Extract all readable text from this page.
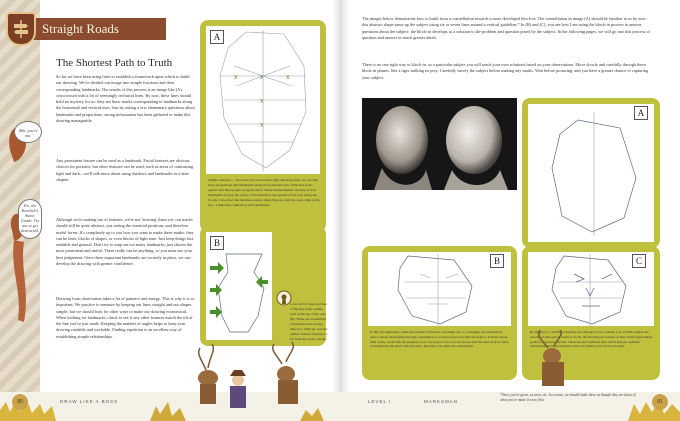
Straight Roads
The Shortest Path to Truth

So far we have been using lines to establish a framework upon which to build our drawing. We've divided our image into simple fractions and their corresponding landmarks. The results of this process is an image like (A), crisscrossed with a lot of seemingly technical lines. By now, these lines should hold no mystery for us: they are basic marks corresponding to landmarks along the horizontal and vertical axes. Just by asking a few elementary questions about landmarks and proportions, strong information has been gathered to make this drawing manageable.

Any prominent feature can be used as a landmark. Facial features are obvious choices for portraits, but other features can be used, such as areas of contrasting light and dark—we'll talk more about using shadows and landmarks in a later chapter.

Although we're making use of features, we're not 'drawing' them yet: our marks should still be quite abstract, just noting the essential positions, and therefore useful forms. It's completely up to you how you want to make these marks: they can be lines, blocks of shapes, or even blocks of light tone. Just keep things fast, readable and general. Don't try to map out too many landmarks; just choose the most prominent and useful. These really can be anything, so you must use your best judgement. Once these important landmarks are securely in place, we can develop the drawing with greater confidence.

Drawing from observation takes a lot of patience and energy. This is why it is so important. We practice to measure by keeping our lines straight and our shapes simple, but we should look for other ways to make our drawing economical. When looking for landmarks, check to see if any other features match the tilt of the line you've just made. Keeping the number of angles helps to keep your drawing readable and workable. Finding repetition is an excellent way of establishing simple relationships.

Ahh, you're not.
Yes, the Kenekek's Aoine, Grade. Try not to get distracted.
x	x	x
x
x
A

Simple referrals — Now that we've found the right and left points, we can find more proportions and landmarks along the horizontal axis. What lies at the quarter and third points along this line? These measurements can help lock in landmarks. In (A), the corner of the mouth is one quarter of the way along the X axis. I also find that the three-quarter mark lines up with the outer edge of the ear—I make the connection with landmarks.

B

Look out for long stretches of flatness in the outline, such as the top of the vase (B). These are wonderfully convenient areas as they help us to build up a blocky outline without straying too far from the actual contour.

The images below demonstrate how to build from a constellation towards a more developed block-in. The constellation in image (A) should be familiar to us by now: this abstract shape sums up the subject using six or seven lines around a vertical guideline.* In (B) and (C), you see how I am using the block-in process to answer questions about the subject: the block-in develops as a solution to the problem and question posed by the subject. In the following pages, we will go into this process of question and answer in much greater detail.

There is no one right way to block-in, so a particular subject you will reach your own solutions based on your observations. Move slowly and carefully through these block-in phases, like a tiger stalking its prey. Carefully survey the subject before making any marks. Wait before pouncing, and you have a greater chance of capturing your subject.

A
B

In (B), I'm beginning to mark the position of features, and things are, so, a bridging can establish the outer contour. Developing the large constellation is a reciprocal process (B) also helps to look the whole draft works—both with the measures, how, if you go too far, you can always start the lines back in. Once I establish that the pieces fall into place, this helps you refine the constellation.

C

By image (C), I, Emma, a drawing, but although it now contains a lot of subtle angles, the drawing is still open to revision. So far, the drawing just consists of lines which approximate position, proportion and tilt. These are also landmark lines which help me establish relationships between elements which are further away from each other.

80	DRAW LIKE A BOSS	LEVEL I	MARKSMAN

*Once you've given, as soon, etc. In a sense, we should make these as though they are ideas of what you've made in view first.	81
